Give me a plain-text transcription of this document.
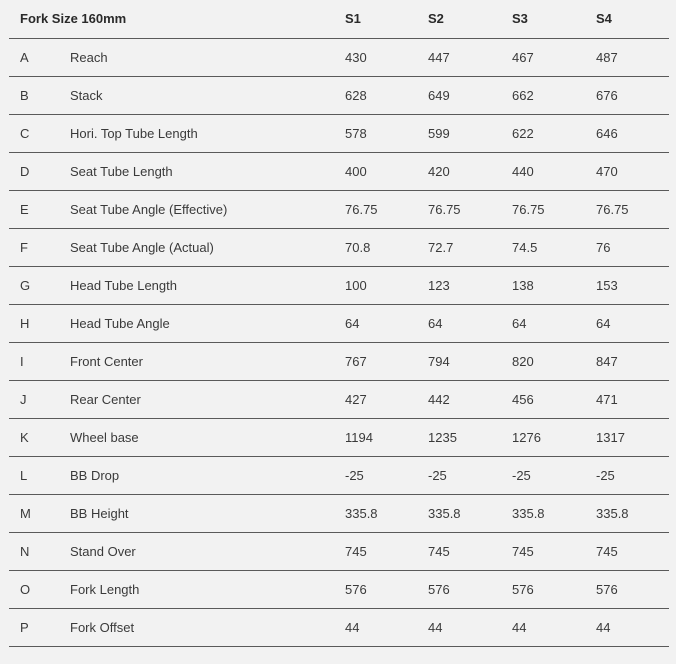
Fork Size 160mm	S1	S2	S3	S4
A	Reach	430	447	467	487
B	Stack	628	649	662	676
C	Hori. Top Tube Length	578	599	622	646
D	Seat Tube Length	400	420	440	470
E	Seat Tube Angle (Effective)	76.75	76.75	76.75	76.75
F	Seat Tube Angle (Actual)	70.8	72.7	74.5	76
G	Head Tube Length	100	123	138	153
H	Head Tube Angle	64	64	64	64
I	Front Center	767	794	820	847
J	Rear Center	427	442	456	471
K	Wheel base	1194	1235	1276	1317
L	BB Drop	-25	-25	-25	-25
M	BB Height	335.8	335.8	335.8	335.8
N	Stand Over	745	745	745	745
O	Fork Length	576	576	576	576
P	Fork Offset	44	44	44	44
